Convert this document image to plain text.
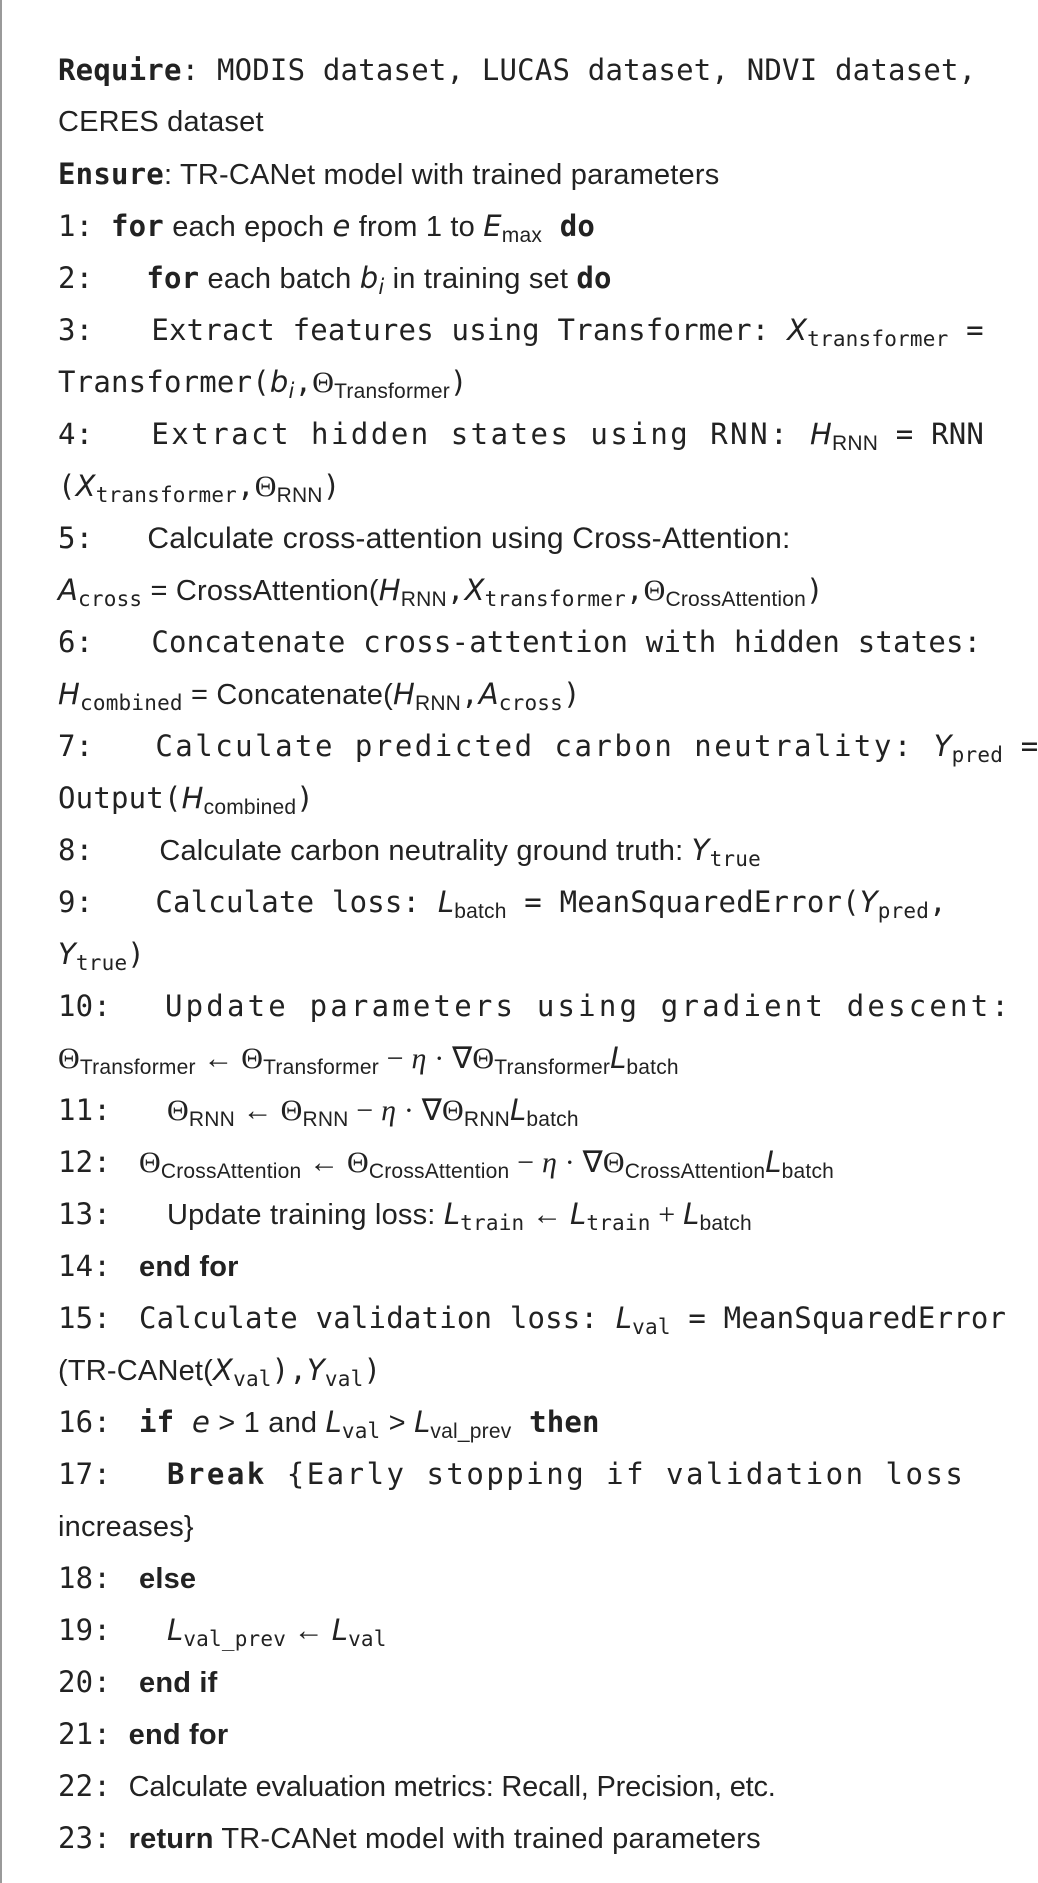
Require: MODIS dataset, LUCAS dataset, NDVI dataset,
CERES dataset
Ensure: TR-CANet model with trained parameters
1: for each epoch e from 1 to $E_{max}$ do
2:   for each batch $b_i$ in training set do
3: Extract features using Transformer: $X_{transformer}$ =
$Transformer(b_i,\Theta_{Transformer})$
4: Extract hidden states using RNN: $H_{RNN}$ = RNN
$(X_{transformer},\Theta_{RNN})$
5: Calculate cross-attention using Cross-Attention:
$A_{cross}$ = $CrossAttention(H_{RNN},X_{transformer},\Theta_{CrossAttention})$
6: Concatenate cross-attention with hidden states:
$H_{combined}$ = $Concatenate(H_{RNN},A_{cross})$
7: Calculate predicted carbon neutrality: $Y_{pred}$ =
$Output(H_{combined})$
8: Calculate carbon neutrality ground truth: $Y_{true}$
9: Calculate loss: $L_{batch}$ = $MeanSquaredError(Y_{pred}$,
$Y_{true}$)
10: Update parameters using gradient descent:
$\Theta_{Transformer}$ ← $\Theta_{Transformer} - \eta \cdot \nabla\Theta_{Transformer}L_{batch}$
11: $\Theta_{RNN}$ ← $\Theta_{RNN} - \eta \cdot \nabla\Theta_{RNN}L_{batch}$
12: $\Theta_{CrossAttention}$ ← $\Theta_{CrossAttention} - \eta \cdot \nabla\Theta_{CrossAttention}L_{batch}$
13: Update training loss: $L_{train}$ ← $L_{train} + L_{batch}$
14: end for
15: Calculate validation loss: $L_{val}$ = MeanSquaredError
$(TR-CANet(X_{val}),Y_{val})$
16: if e > 1 and $L_{val} > L_{val\_prev}$ then
17: Break {Early stopping if validation loss
increases}
18: else
19: $L_{val\_prev}$ ← $L_{val}$
20: end if
21: end for
22: Calculate evaluation metrics: Recall, Precision, etc.
23: return TR-CANet model with trained parameters
